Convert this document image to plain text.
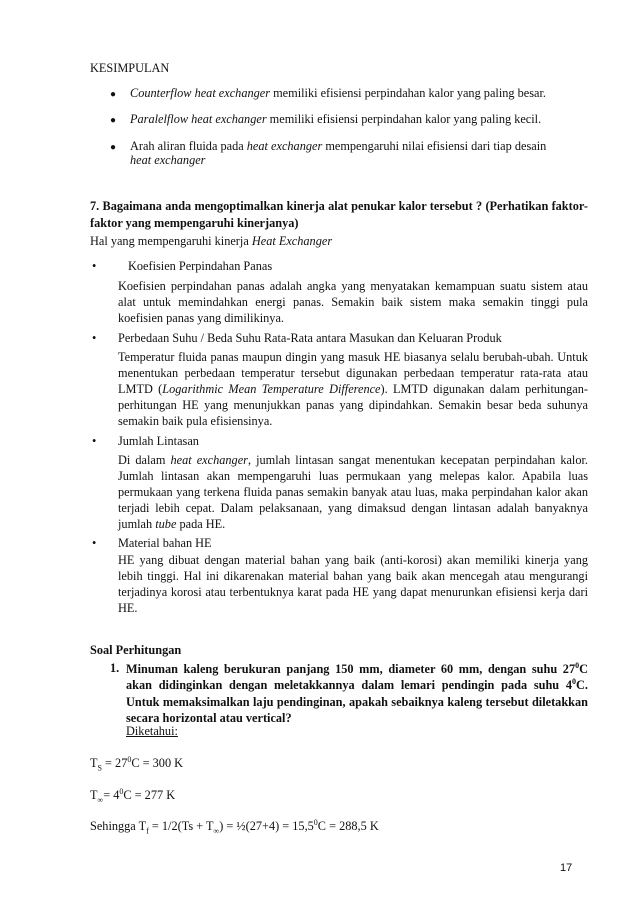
KESIMPULAN
● Counterflow heat exchanger memiliki efisiensi perpindahan kalor yang paling besar.
● Paralelflow heat exchanger memiliki efisiensi perpindahan kalor yang paling kecil.
● Arah aliran fluida pada heat exchanger mempengaruhi nilai efisiensi dari tiap desain
heat exchanger
7. Bagaimana anda mengoptimalkan kinerja alat penukar kalor tersebut ? (Perhatikan faktor-faktor yang mempengaruhi kinerjanya)
Hal yang mempengaruhi kinerja Heat Exchanger
•	Koefisien Perpindahan Panas
Koefisien perpindahan panas adalah angka yang menyatakan kemampuan suatu sistem atau alat untuk memindahkan energi panas. Semakin baik sistem maka semakin tinggi pula koefisien panas yang dimilikinya.
• Perbedaan Suhu / Beda Suhu Rata-Rata antara Masukan dan Keluaran Produk
Temperatur fluida panas maupun dingin yang masuk HE biasanya selalu berubah-ubah. Untuk menentukan perbedaan temperatur tersebut digunakan perbedaan temperatur rata-rata atau LMTD (Logarithmic Mean Temperature Difference). LMTD digunakan dalam perhitungan-perhitungan HE yang menunjukkan panas yang dipindahkan. Semakin besar beda suhunya semakin baik pula efisiensinya.
• Jumlah Lintasan
Di dalam heat exchanger, jumlah lintasan sangat menentukan kecepatan perpindahan kalor. Jumlah lintasan akan mempengaruhi luas permukaan yang melepas kalor. Apabila luas permukaan yang terkena fluida panas semakin banyak atau luas, maka perpindahan kalor akan terjadi lebih cepat. Dalam pelaksanaan, yang dimaksud dengan lintasan adalah banyaknya jumlah tube pada HE.
• Material bahan HE
HE yang dibuat dengan material bahan yang baik (anti-korosi) akan memiliki kinerja yang lebih tinggi. Hal ini dikarenakan material bahan yang baik akan mencegah atau mengurangi terjadinya korosi atau terbentuknya karat pada HE yang dapat menurunkan efisiensi kerja dari HE.
Soal Perhitungan
1. Minuman kaleng berukuran panjang 150 mm, diameter 60 mm, dengan suhu $27^0C$ akan didinginkan dengan meletakkannya dalam lemari pendingin pada suhu $4^0C$. Untuk memaksimalkan laju pendinginan, apakah sebaiknya kaleng tersebut diletakkan secara horizontal atau vertical?
Diketahui:
$T_S = 27^0C = 300$ K
$T_\infty= 4^0C = 277$ K
Sehingga $T_f = 1/2(Ts + T_\infty)$ = ½(27+4) = $15,5^0C = 288,5$ K
17
